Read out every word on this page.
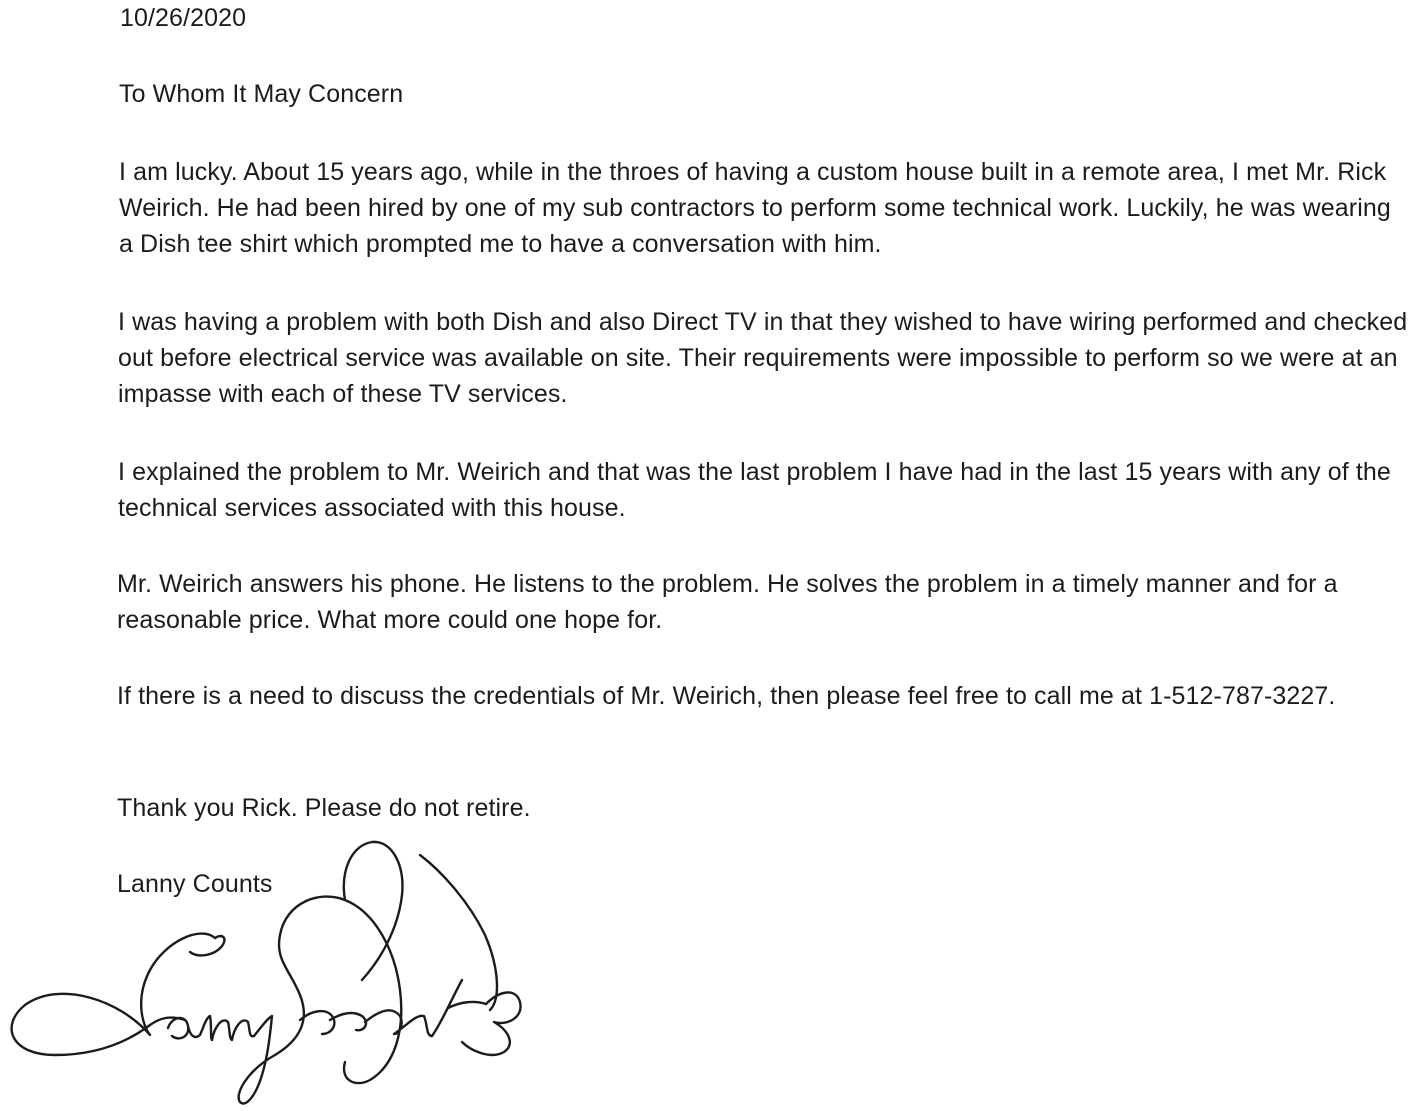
10/26/2020

To Whom It May Concern

I am lucky. About 15 years ago, while in the throes of having a custom house built in a remote area, I met Mr. Rick Weirich. He had been hired by one of my sub contractors to perform some technical work. Luckily, he was wearing a Dish tee shirt which prompted me to have a conversation with him.

I was having a problem with both Dish and also Direct TV in that they wished to have wiring performed and checked out before electrical service was available on site. Their requirements were impossible to perform so we were at an impasse with each of these TV services.

I explained the problem to Mr. Weirich and that was the last problem I have had in the last 15 years with any of the technical services associated with this house.

Mr. Weirich answers his phone. He listens to the problem. He solves the problem in a timely manner and for a reasonable price. What more could one hope for.

If there is a need to discuss the credentials of Mr. Weirich, then please feel free to call me at 1-512-787-3227.

Thank you Rick. Please do not retire.

Lanny Counts
